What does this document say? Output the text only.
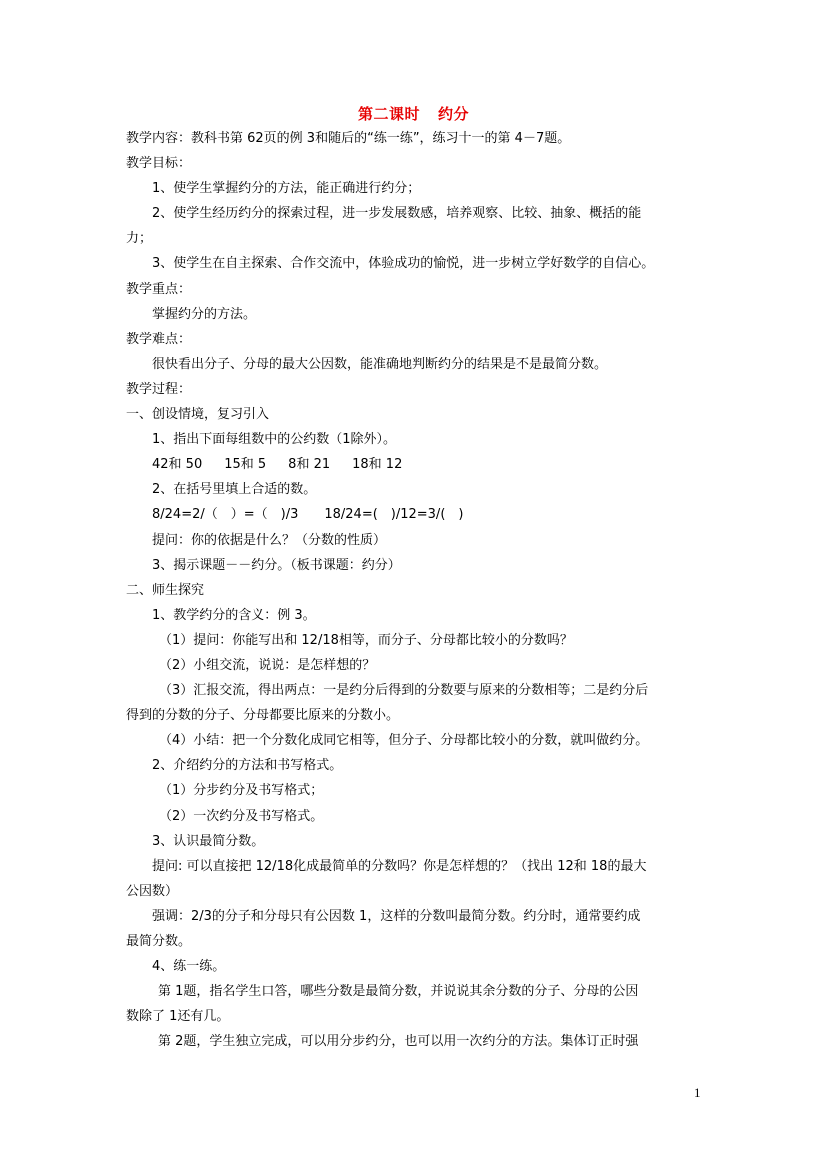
第二课时 约分
教学内容：教科书第 62页的例 3和随后的“练一练”，练习十一的第 4－7题。
教学目标：
1、使学生掌握约分的方法，能正确进行约分；
2、使学生经历约分的探索过程，进一步发展数感，培养观察、比较、抽象、概括的能
力；
3、使学生在自主探索、合作交流中，体验成功的愉悦，进一步树立学好数学的自信心。
教学重点：
掌握约分的方法。
教学难点：
很快看出分子、分母的最大公因数，能准确地判断约分的结果是不是最简分数。
教学过程：
一、创设情境，复习引入
1、指出下面每组数中的公约数（1除外）。
42和 50 15和 5 8和 21 18和 12
2、在括号里填上合适的数。
8/24=2/（　）=（　)/3　　18/24=(　)/12=3/(　)
提问：你的依据是什么？（分数的性质）
3、揭示课题－－约分。（板书课题：约分）
二、师生探究
1、教学约分的含义：例 3。
（1）提问：你能写出和 12/18相等，而分子、分母都比较小的分数吗？
（2）小组交流，说说：是怎样想的？
（3）汇报交流，得出两点：一是约分后得到的分数要与原来的分数相等；二是约分后
得到的分数的分子、分母都要比原来的分数小。
（4）小结：把一个分数化成同它相等，但分子、分母都比较小的分数，就叫做约分。
2、介绍约分的方法和书写格式。
（1）分步约分及书写格式；
（2）一次约分及书写格式。
3、认识最简分数。
提问: 可以直接把 12/18化成最简单的分数吗？你是怎样想的？（找出 12和 18的最大
公因数）
强调：2/3的分子和分母只有公因数 1，这样的分数叫最简分数。约分时，通常要约成
最简分数。
4、练一练。
第 1题，指名学生口答，哪些分数是最简分数，并说说其余分数的分子、分母的公因
数除了 1还有几。
第 2题，学生独立完成，可以用分步约分，也可以用一次约分的方法。集体订正时强
1
